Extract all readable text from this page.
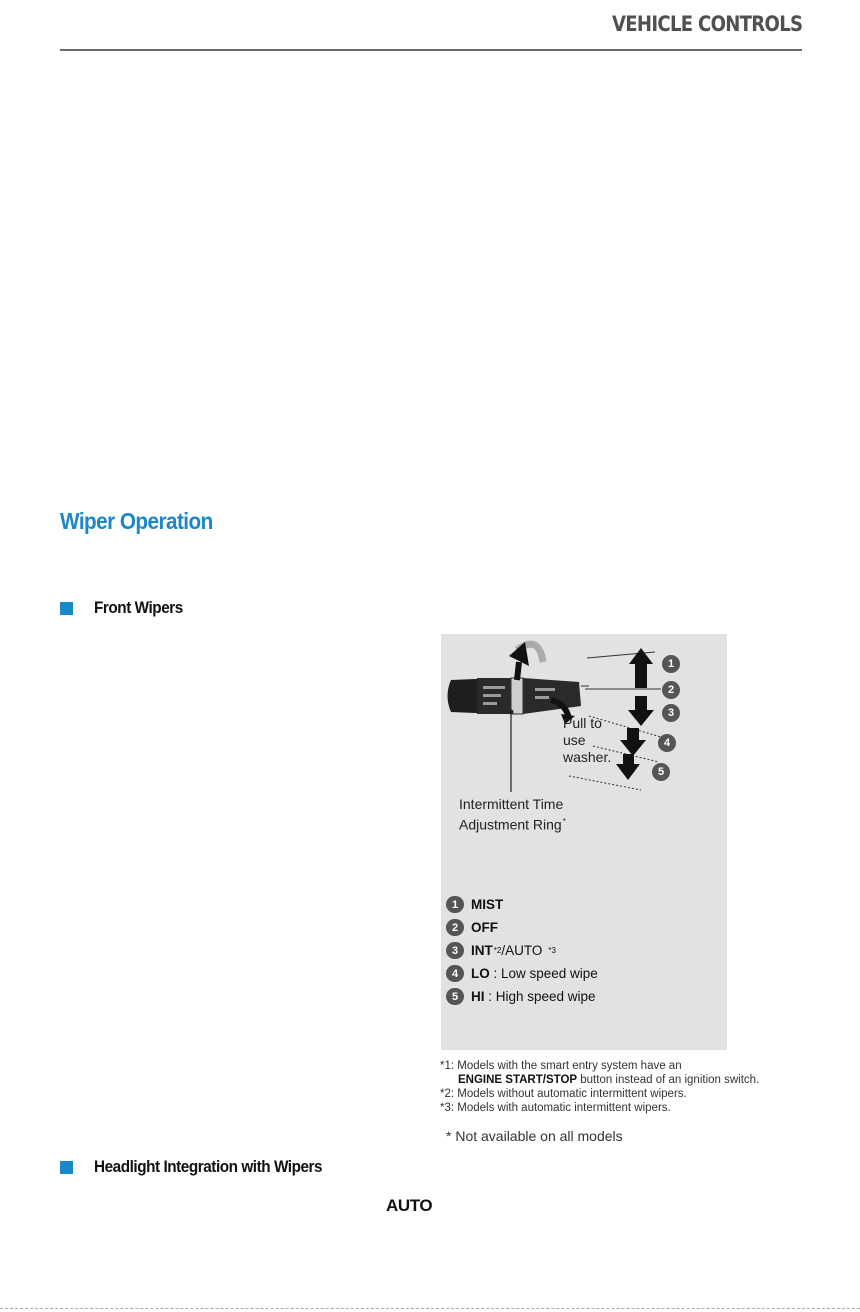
VEHICLE CONTROLS
Wiper Operation
Front Wipers
1
2
3
4
5
Pull to
use
washer.
Intermittent Time
Adjustment Ring*
1 MIST
2 OFF
3 INT *2 /AUTO *3
4 LO : Low speed wipe
5 HI : High speed wipe
*1: Models with the smart entry system have an
ENGINE START/STOP button instead of an ignition switch.
*2: Models without automatic intermittent wipers.
*3: Models with automatic intermittent wipers.
* Not available on all models
Headlight Integration with Wipers
AUTO
